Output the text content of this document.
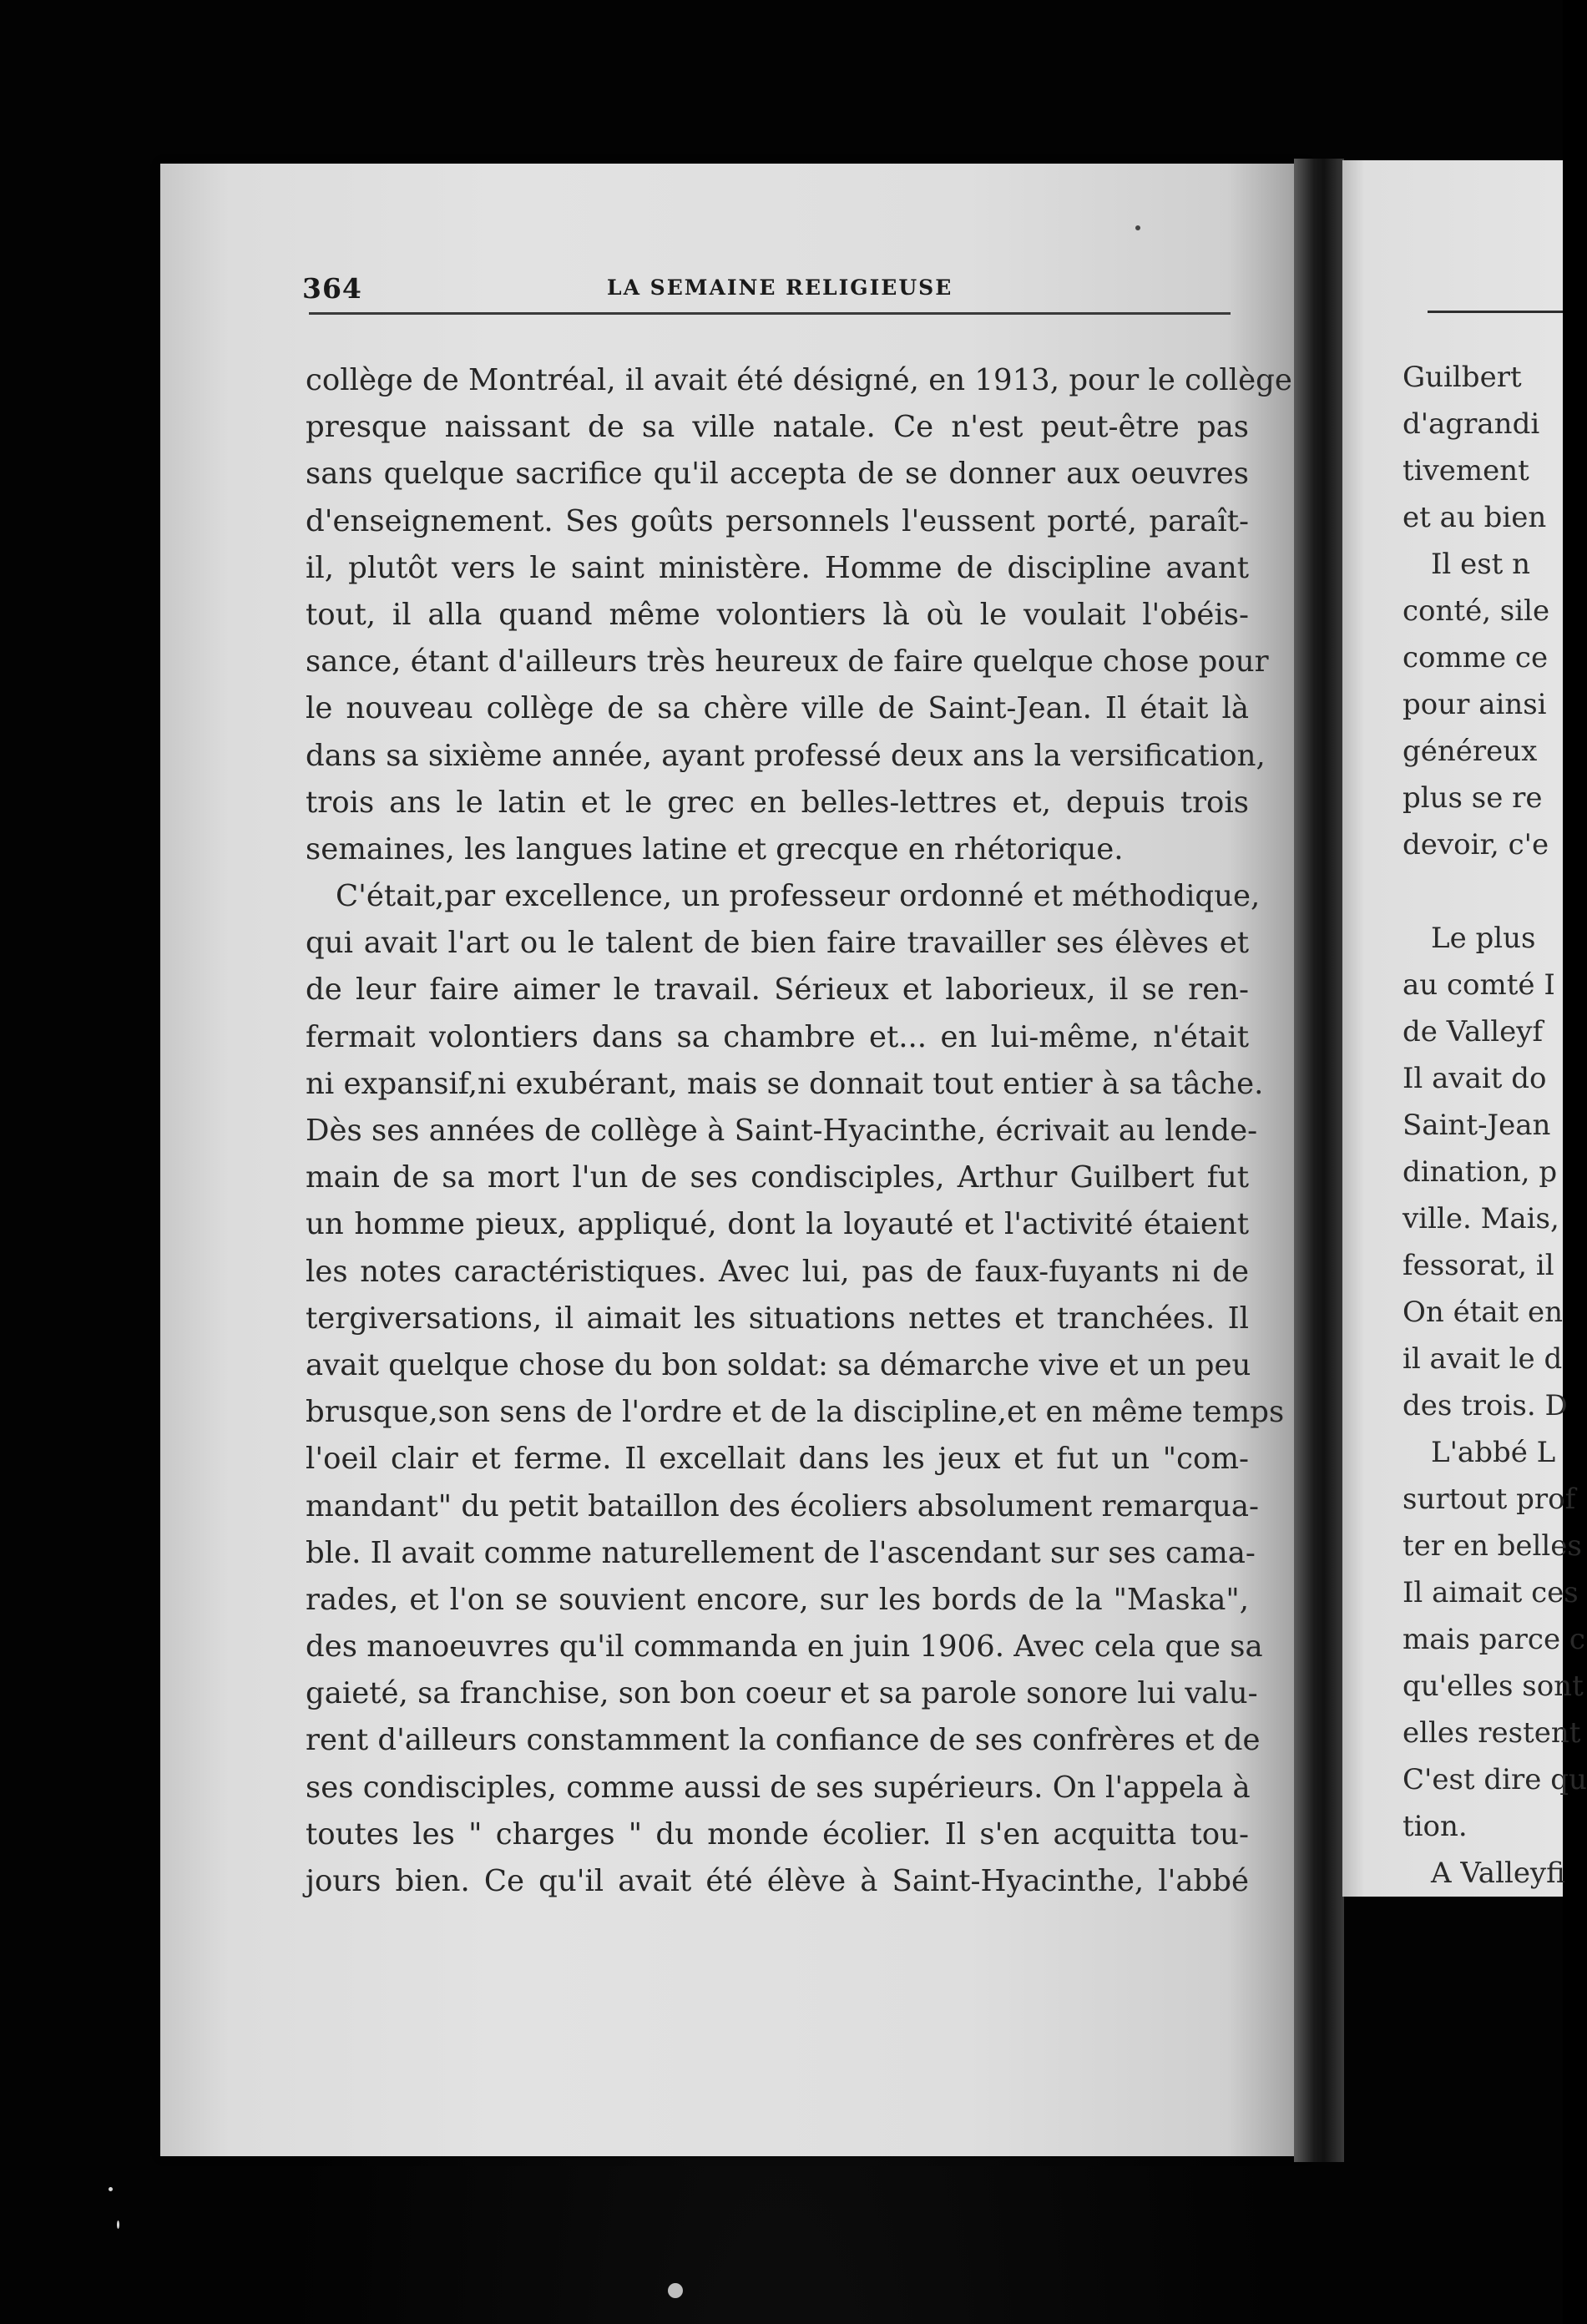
364	LA SEMAINE RELIGIEUSE
collège de Montréal, il avait été désigné, en 1913, pour le collège
presque naissant de sa ville natale. Ce n'est peut-être pas
sans quelque sacrifice qu'il accepta de se donner aux oeuvres
d'enseignement. Ses goûts personnels l'eussent porté, paraît-
il, plutôt vers le saint ministère. Homme de discipline avant
tout, il alla quand même volontiers là où le voulait l'obéis-
sance, étant d'ailleurs très heureux de faire quelque chose pour
le nouveau collège de sa chère ville de Saint-Jean. Il était là
dans sa sixième année, ayant professé deux ans la versification,
trois ans le latin et le grec en belles-lettres et, depuis trois
semaines, les langues latine et grecque en rhétorique.
C'était,par excellence, un professeur ordonné et méthodique,
qui avait l'art ou le talent de bien faire travailler ses élèves et
de leur faire aimer le travail. Sérieux et laborieux, il se ren-
fermait volontiers dans sa chambre et... en lui-même, n'était
ni expansif,ni exubérant, mais se donnait tout entier à sa tâche.
Dès ses années de collège à Saint-Hyacinthe, écrivait au lende-
main de sa mort l'un de ses condisciples, Arthur Guilbert fut
un homme pieux, appliqué, dont la loyauté et l'activité étaient
les notes caractéristiques. Avec lui, pas de faux-fuyants ni de
tergiversations, il aimait les situations nettes et tranchées. Il
avait quelque chose du bon soldat: sa démarche vive et un peu
brusque,son sens de l'ordre et de la discipline,et en même temps
l'oeil clair et ferme. Il excellait dans les jeux et fut un "com-
mandant" du petit bataillon des écoliers absolument remarqua-
ble. Il avait comme naturellement de l'ascendant sur ses cama-
rades, et l'on se souvient encore, sur les bords de la "Maska",
des manoeuvres qu'il commanda en juin 1906. Avec cela que sa
gaieté, sa franchise, son bon coeur et sa parole sonore lui valu-
rent d'ailleurs constamment la confiance de ses confrères et de
ses condisciples, comme aussi de ses supérieurs. On l'appela à
toutes les " charges " du monde écolier. Il s'en acquitta tou-
jours bien. Ce qu'il avait été élève à Saint-Hyacinthe, l'abbé
Guilbert
d'agrandi
tivement
et au bien
Il est n
conté, sile
comme ce
pour ainsi
généreux
plus se re
devoir, c'e
Le plus
au comté I
de Valleyf
Il avait do
Saint-Jean
dination, p
ville. Mais,
fessorat, il
On était en
il avait le d
des trois. D
L'abbé L
surtout prof
ter en belles
Il aimait ces
mais parce c
qu'elles sont
elles restent
C'est dire qu
tion.
A Valleyfi
